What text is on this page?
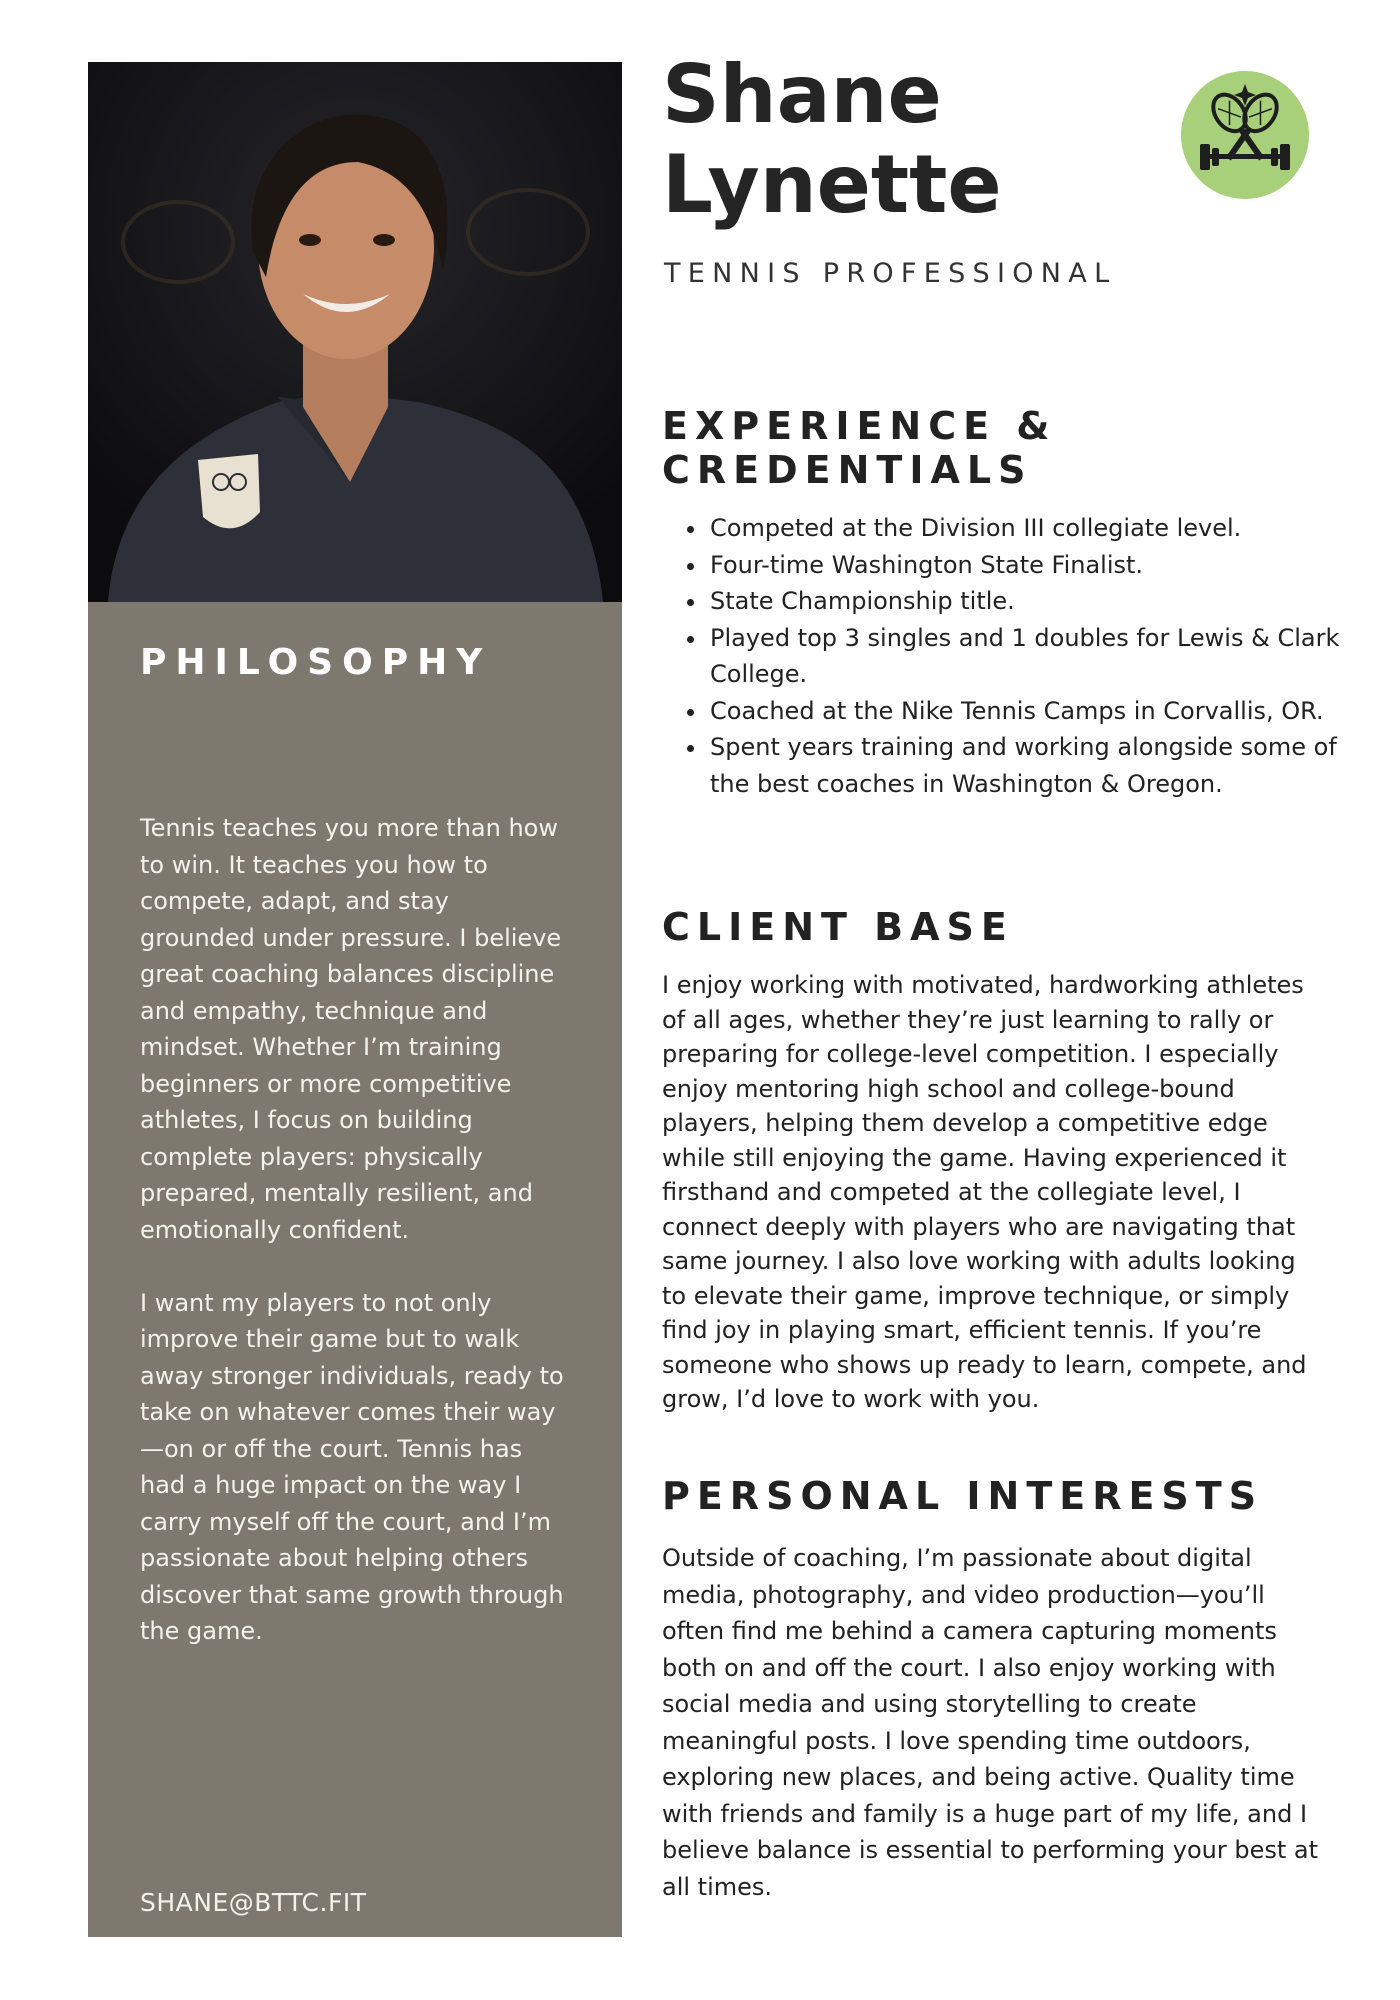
PHILOSOPHY

Tennis teaches you more than how to win. It teaches you how to compete, adapt, and stay grounded under pressure. I believe great coaching balances discipline and empathy, technique and mindset. Whether I’m training beginners or more competitive athletes, I focus on building complete players: physically prepared, mentally resilient, and emotionally confident.

I want my players to not only improve their game but to walk away stronger individuals, ready to take on whatever comes their way—on or off the court. Tennis has had a huge impact on the way I carry myself off the court, and I’m passionate about helping others discover that same growth through the game.

SHANE@BTTC.FIT
Shane
Lynette
TENNIS PROFESSIONAL
EXPERIENCE &
CREDENTIALS
• Competed at the Division III collegiate level.
• Four-time Washington State Finalist.
• State Championship title.
• Played top 3 singles and 1 doubles for Lewis & Clark College.
• Coached at the Nike Tennis Camps in Corvallis, OR.
• Spent years training and working alongside some of the best coaches in Washington & Oregon.
CLIENT BASE
I enjoy working with motivated, hardworking athletes of all ages, whether they’re just learning to rally or preparing for college-level competition. I especially enjoy mentoring high school and college-bound players, helping them develop a competitive edge while still enjoying the game. Having experienced it firsthand and competed at the collegiate level, I connect deeply with players who are navigating that same journey. I also love working with adults looking to elevate their game, improve technique, or simply find joy in playing smart, efficient tennis. If you’re someone who shows up ready to learn, compete, and grow, I’d love to work with you.
PERSONAL INTERESTS
Outside of coaching, I’m passionate about digital media, photography, and video production—you’ll often find me behind a camera capturing moments both on and off the court. I also enjoy working with social media and using storytelling to create meaningful posts. I love spending time outdoors, exploring new places, and being active. Quality time with friends and family is a huge part of my life, and I believe balance is essential to performing your best at all times.
